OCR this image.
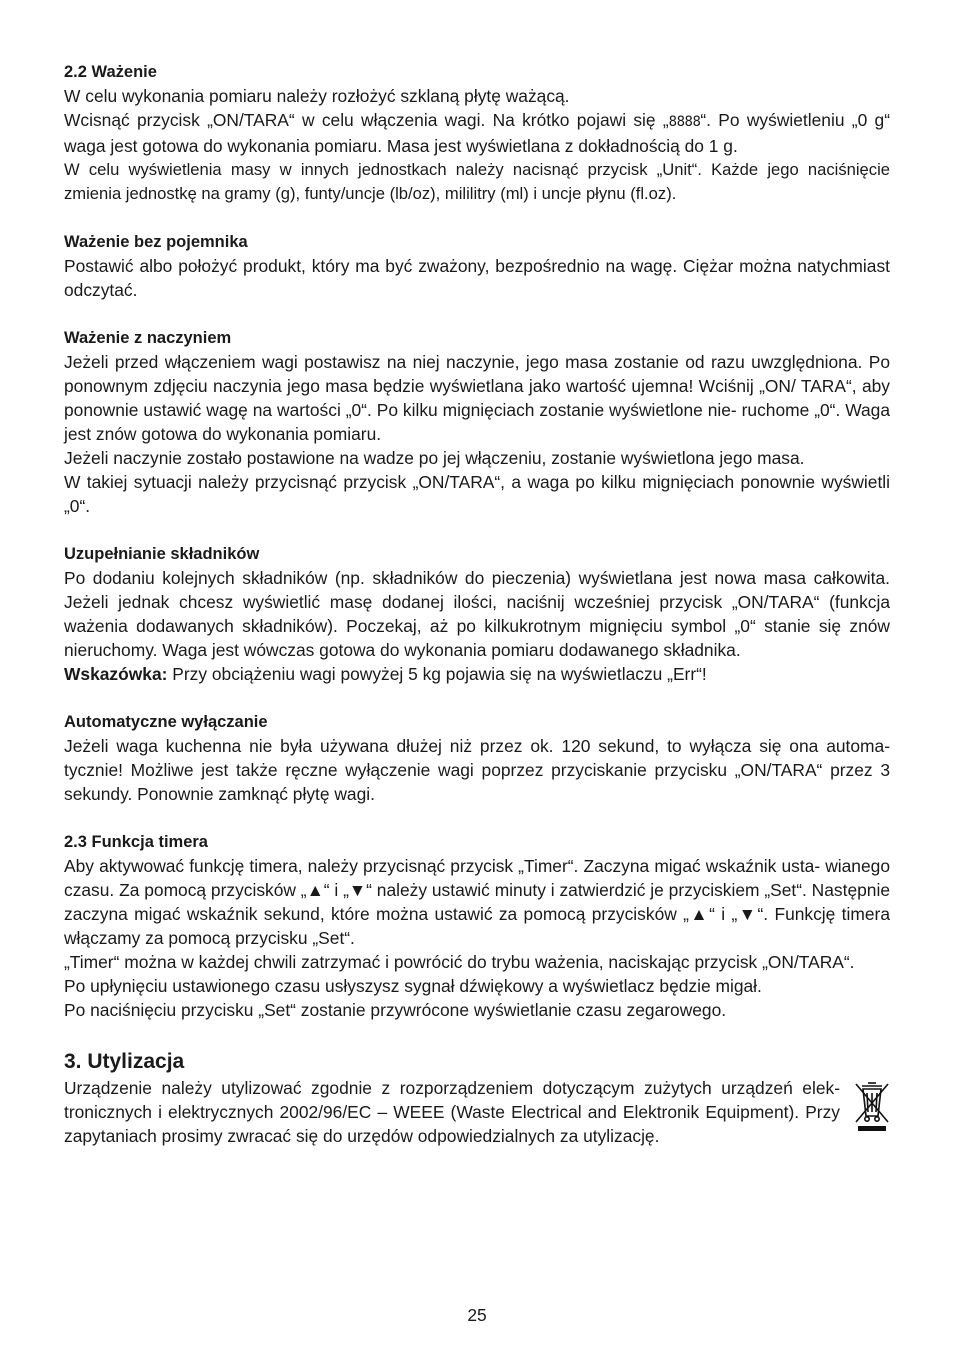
2.2 Ważenie
W celu wykonania pomiaru należy rozłożyć szklaną płytę ważącą.
Wcisnąć przycisk „ON/TARA“ w celu włączenia wagi. Na krótko pojawi się „8888“. Po wyświetleniu „0 g“ waga jest gotowa do wykonania pomiaru. Masa jest wyświetlana z dokładnością do 1 g.
W celu wyświetlenia masy w innych jednostkach należy nacisnąć przycisk „Unit“. Każde jego naciśnięcie zmienia jednostkę na gramy (g), funty/uncje (lb/oz), mililitry (ml) i uncje płynu (fl.oz).
Ważenie bez pojemnika
Postawić albo położyć produkt, który ma być zważony, bezpośrednio na wagę. Ciężar można natychmiast odczytać.
Ważenie z naczyniem
Jeżeli przed włączeniem wagi postawisz na niej naczynie, jego masa zostanie od razu uwzględniona. Po ponownym zdjęciu naczynia jego masa będzie wyświetlana jako wartość ujemna! Wciśnij „ON/ TARA“, aby ponownie ustawić wagę na wartości „0“. Po kilku mignięciach zostanie wyświetlone nie- ruchome „0“. Waga jest znów gotowa do wykonania pomiaru.
Jeżeli naczynie zostało postawione na wadze po jej włączeniu, zostanie wyświetlona jego masa.
W takiej sytuacji należy przycisnąć przycisk „ON/TARA“, a waga po kilku mignięciach ponownie wyświetli „0“.
Uzupełnianie składników
Po dodaniu kolejnych składników (np. składników do pieczenia) wyświetlana jest nowa masa całkowita. Jeżeli jednak chcesz wyświetlić masę dodanej ilości, naciśnij wcześniej przycisk „ON/TARA“ (funkcja ważenia dodawanych składników). Poczekaj, aż po kilkukrotnym mignięciu symbol „0“ stanie się znów nieruchomy. Waga jest wówczas gotowa do wykonania pomiaru dodawanego składnika.
Wskazówka: Przy obciążeniu wagi powyżej 5 kg pojawia się na wyświetlaczu „Err“!
Automatyczne wyłączanie
Jeżeli waga kuchenna nie była używana dłużej niż przez ok. 120 sekund, to wyłącza się ona automa- tycznie! Możliwe jest także ręczne wyłączenie wagi poprzez przyciskanie przycisku „ON/TARA“ przez 3 sekundy. Ponownie zamknąć płytę wagi.
2.3 Funkcja timera
Aby aktywować funkcję timera, należy przycisnąć przycisk „Timer“. Zaczyna migać wskaźnik usta- wianego czasu. Za pomocą przycisków „▲“ i „▼“ należy ustawić minuty i zatwierdzić je przyciskiem „Set“. Następnie zaczyna migać wskaźnik sekund, które można ustawić za pomocą przycisków „▲“ i „▼“. Funkcję timera włączamy za pomocą przycisku „Set“.
„Timer“ można w każdej chwili zatrzymać i powrócić do trybu ważenia, naciskając przycisk „ON/TARA“.
Po upłynięciu ustawionego czasu usłyszysz sygnał dźwiękowy a wyświetlacz będzie migał.
Po naciśnięciu przycisku „Set“ zostanie przywrócone wyświetlanie czasu zegarowego.
3. Utylizacja
Urządzenie należy utylizować zgodnie z rozporządzeniem dotyczącym zużytych urządzeń elek- tronicznych i elektrycznych 2002/96/EC – WEEE (Waste Electrical and Elektronik Equipment). Przy zapytaniach prosimy zwracać się do urzędów odpowiedzialnych za utylizację.
25
